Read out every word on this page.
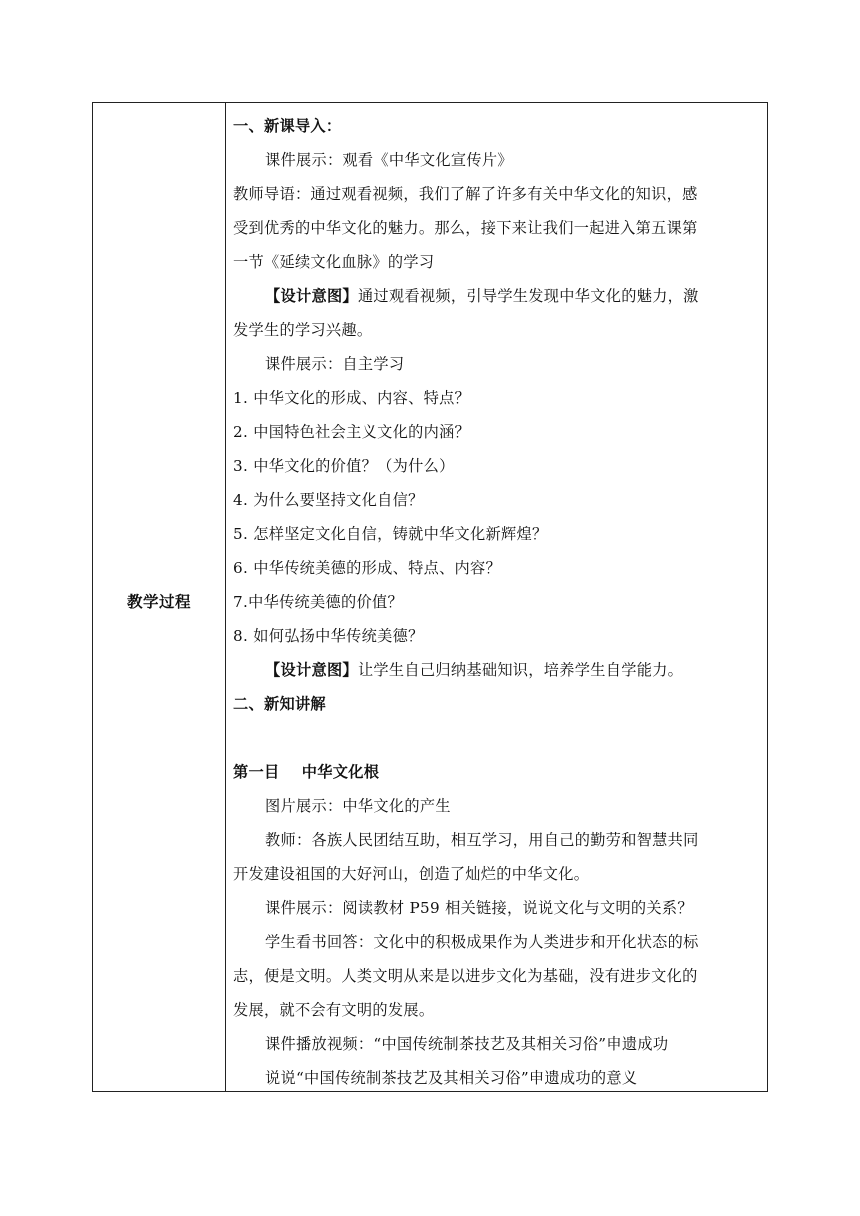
教学过程
一、新课导入：
课件展示：观看《中华文化宣传片》
教师导语：通过观看视频，我们了解了许多有关中华文化的知识，感
受到优秀的中华文化的魅力。那么，接下来让我们一起进入第五课第
一节《延续文化血脉》的学习
【设计意图】通过观看视频，引导学生发现中华文化的魅力，激
发学生的学习兴趣。
课件展示：自主学习
1. 中华文化的形成、内容、特点？
2. 中国特色社会主义文化的内涵？
3. 中华文化的价值？（为什么）
4. 为什么要坚持文化自信？
5. 怎样坚定文化自信，铸就中华文化新辉煌？
6. 中华传统美德的形成、特点、内容？
7.中华传统美德的价值？
8. 如何弘扬中华传统美德？
【设计意图】让学生自己归纳基础知识，培养学生自学能力。
二、新知讲解
第一目    中华文化根
图片展示：中华文化的产生
教师：各族人民团结互助，相互学习，用自己的勤劳和智慧共同
开发建设祖国的大好河山，创造了灿烂的中华文化。
课件展示：阅读教材 P59 相关链接，说说文化与文明的关系？
学生看书回答：文化中的积极成果作为人类进步和开化状态的标
志，便是文明。人类文明从来是以进步文化为基础，没有进步文化的
发展，就不会有文明的发展。
课件播放视频：“中国传统制茶技艺及其相关习俗”申遗成功
说说“中国传统制茶技艺及其相关习俗”申遗成功的意义
